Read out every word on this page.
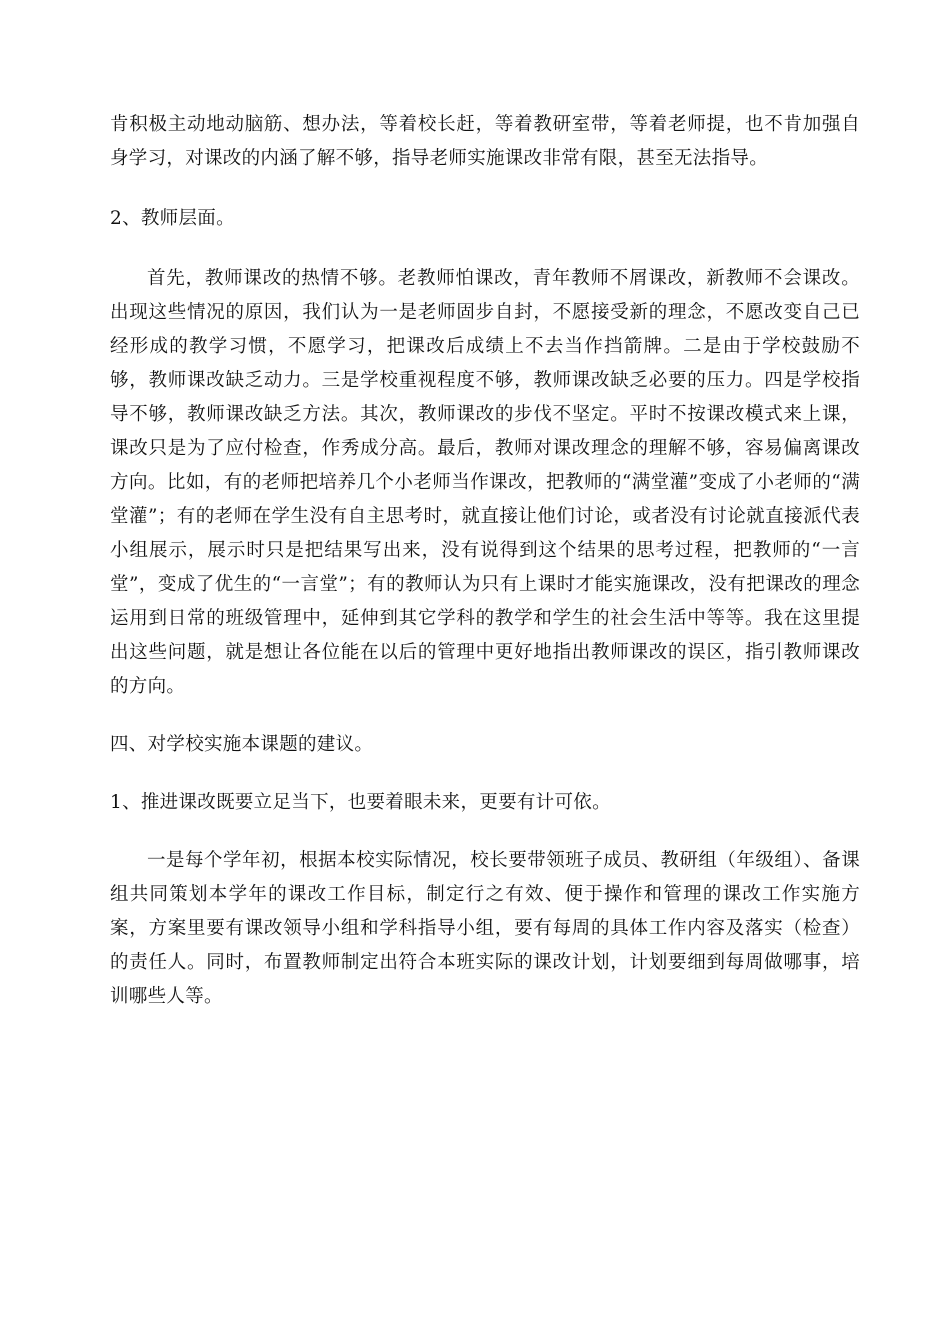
肯积极主动地动脑筋、想办法，等着校长赶，等着教研室带，等着老师提，也不肯加强自身学习，对课改的内涵了解不够，指导老师实施课改非常有限，甚至无法指导。

2、教师层面。

首先，教师课改的热情不够。老教师怕课改，青年教师不屑课改，新教师不会课改。出现这些情况的原因，我们认为一是老师固步自封，不愿接受新的理念，不愿改变自己已经形成的教学习惯，不愿学习，把课改后成绩上不去当作挡箭牌。二是由于学校鼓励不够，教师课改缺乏动力。三是学校重视程度不够，教师课改缺乏必要的压力。四是学校指导不够，教师课改缺乏方法。其次，教师课改的步伐不坚定。平时不按课改模式来上课，课改只是为了应付检查，作秀成分高。最后，教师对课改理念的理解不够，容易偏离课改方向。比如，有的老师把培养几个小老师当作课改，把教师的“满堂灌”变成了小老师的“满堂灌”；有的老师在学生没有自主思考时，就直接让他们讨论，或者没有讨论就直接派代表小组展示，展示时只是把结果写出来，没有说得到这个结果的思考过程，把教师的“一言堂”，变成了优生的“一言堂”；有的教师认为只有上课时才能实施课改，没有把课改的理念运用到日常的班级管理中，延伸到其它学科的教学和学生的社会生活中等等。我在这里提出这些问题，就是想让各位能在以后的管理中更好地指出教师课改的误区，指引教师课改的方向。

四、对学校实施本课题的建议。

1、推进课改既要立足当下，也要着眼未来，更要有计可依。

一是每个学年初，根据本校实际情况，校长要带领班子成员、教研组（年级组）、备课组共同策划本学年的课改工作目标，制定行之有效、便于操作和管理的课改工作实施方案，方案里要有课改领导小组和学科指导小组，要有每周的具体工作内容及落实（检查）的责任人。同时，布置教师制定出符合本班实际的课改计划，计划要细到每周做哪事，培训哪些人等。
